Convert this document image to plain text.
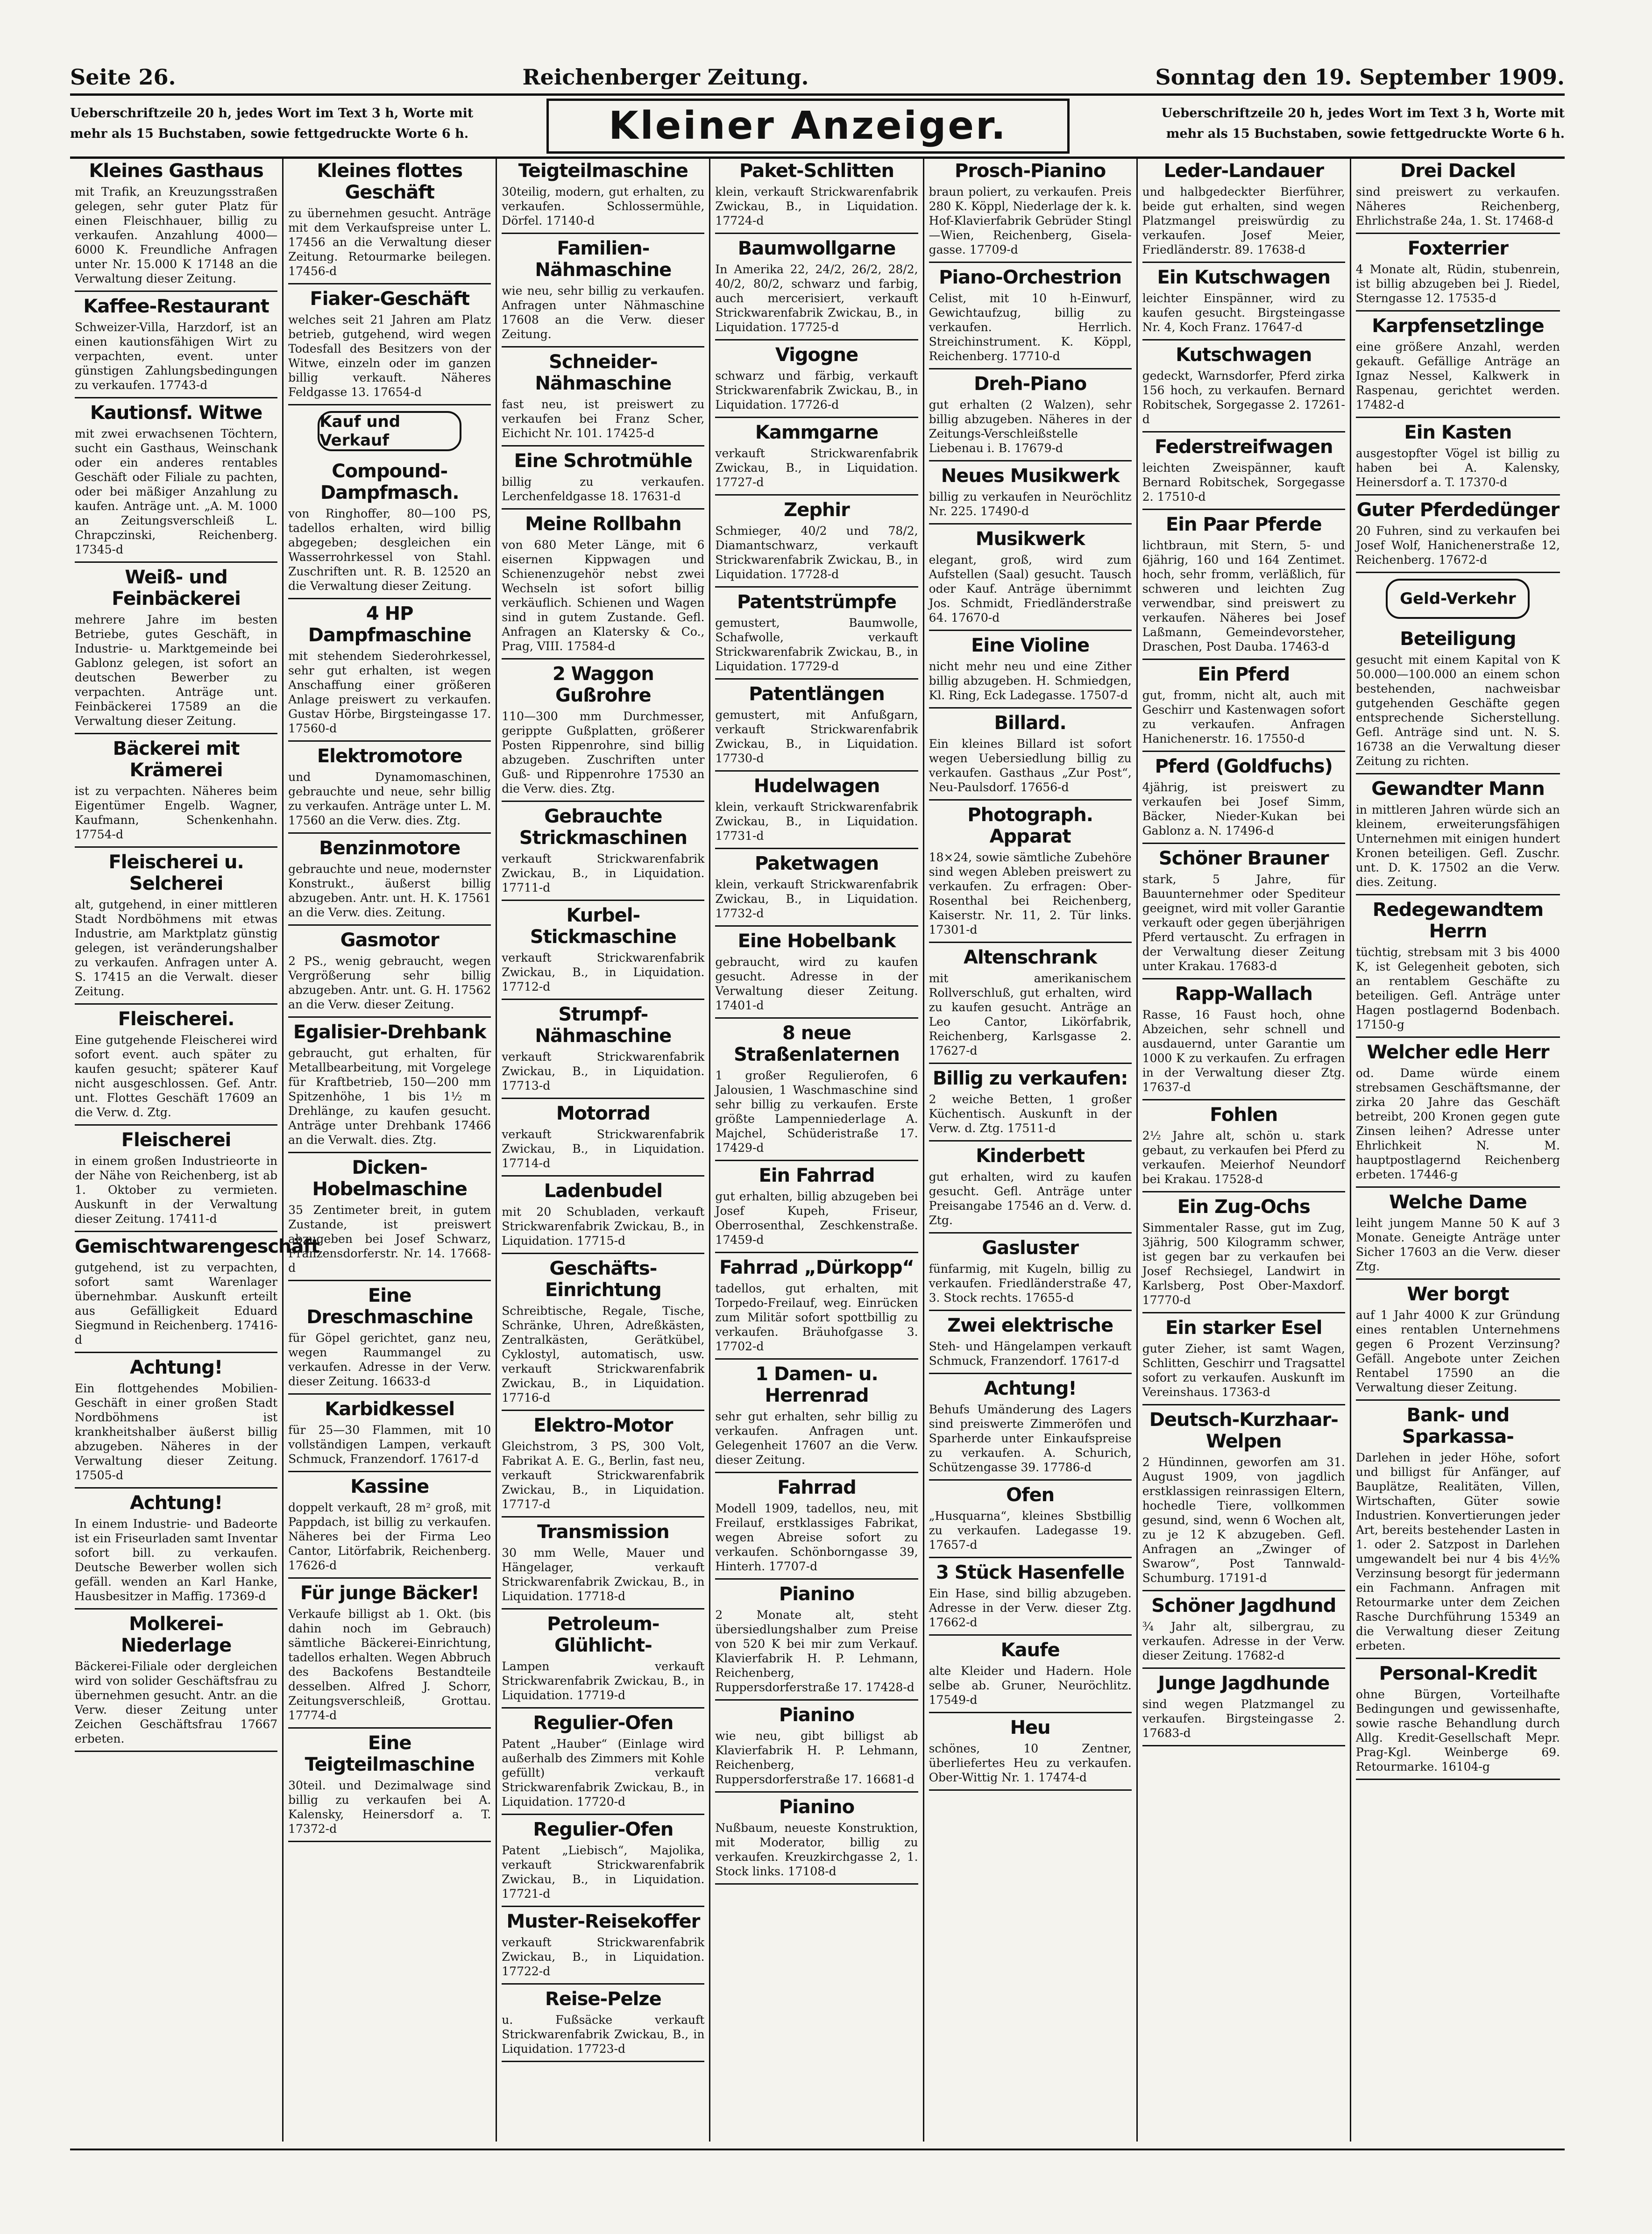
Seite 26.	Reichenberger Zeitung.	Sonntag den 19. September 1909.
Ueberschriftzeile 20 h, jedes Wort im Text 3 h, Worte mit mehr als 15 Buchstaben, sowie fettgedruckte Worte 6 h.	Kleiner Anzeiger.	Ueberschriftzeile 20 h, jedes Wort im Text 3 h, Worte mit mehr als 15 Buchstaben, sowie fettgedruckte Worte 6 h.
Kleines Gasthaus

mit Trafik, an Kreuzungsstraßen gelegen, sehr guter Platz für einen Fleischhauer, billig zu verkaufen. Anzahlung 4000—6000 K. Freundliche Anfragen unter Nr. 15.000 K 17148 an die Verwaltung dieser Zeitung.

Kaffee-Restaurant

Schweizer-Villa, Harzdorf, ist an einen kautionsfähigen Wirt zu verpachten, event. unter günstigen Zahlungsbedingungen zu verkaufen. 17743-d

Kautionsf. Witwe

mit zwei erwachsenen Töchtern, sucht ein Gasthaus, Weinschank oder ein anderes rentables Geschäft oder Filiale zu pachten, oder bei mäßiger Anzahlung zu kaufen. Anträge unt. „A. M. 1000 an Zeitungsverschleiß L. Chrapczinski, Reichenberg. 17345-d

Weiß- und Feinbäckerei

mehrere Jahre im besten Betriebe, gutes Geschäft, in Industrie- u. Marktgemeinde bei Gablonz gelegen, ist sofort an deutschen Bewerber zu verpachten. Anträge unt. Feinbäckerei 17589 an die Verwaltung dieser Zeitung.

Bäckerei mit Krämerei

ist zu verpachten. Näheres beim Eigentümer Engelb. Wagner, Kaufmann, Schenkenhahn. 17754-d

Fleischerei u. Selcherei

alt, gutgehend, in einer mittleren Stadt Nordböhmens mit etwas Industrie, am Marktplatz günstig gelegen, ist veränderungshalber zu verkaufen. Anfragen unter A. S. 17415 an die Verwalt. dieser Zeitung.

Fleischerei.

Eine gutgehende Fleischerei wird sofort event. auch später zu kaufen gesucht; späterer Kauf nicht ausgeschlossen. Gef. Antr. unt. Flottes Geschäft 17609 an die Verw. d. Ztg.

Fleischerei

in einem großen Industrieorte in der Nähe von Reichenberg, ist ab 1. Oktober zu vermieten. Auskunft in der Verwaltung dieser Zeitung. 17411-d

Gemischtwarengeschäft

gutgehend, ist zu verpachten, sofort samt Warenlager übernehmbar. Auskunft erteilt aus Gefälligkeit Eduard Siegmund in Reichenberg. 17416-d

Achtung!

Ein flottgehendes Mobilien-Geschäft in einer großen Stadt Nordböhmens ist krankheitshalber äußerst billig abzugeben. Näheres in der Verwaltung dieser Zeitung. 17505-d

Achtung!

In einem Industrie- und Badeorte ist ein Friseurladen samt Inventar sofort bill. zu verkaufen. Deutsche Bewerber wollen sich gefäll. wenden an Karl Hanke, Hausbesitzer in Maffig. 17369-d

Molkerei-Niederlage

Bäckerei-Filiale oder dergleichen wird von solider Geschäftsfrau zu übernehmen gesucht. Antr. an die Verw. dieser Zeitung unter Zeichen Geschäftsfrau 17667 erbeten.

Kleines flottes Geschäft

zu übernehmen gesucht. Anträge mit dem Verkaufspreise unter L. 17456 an die Verwaltung dieser Zeitung. Retourmarke beilegen. 17456-d

Fiaker-Geschäft

welches seit 21 Jahren am Platz betrieb, gutgehend, wird wegen Todesfall des Besitzers von der Witwe, einzeln oder im ganzen billig verkauft. Näheres Feldgasse 13. 17654-d

Kauf und Verkauf
Compound-Dampfmasch.

von Ringhoffer, 80—100 PS, tadellos erhalten, wird billig abgegeben; desgleichen ein Wasserrohrkessel von Stahl. Zuschriften unt. R. B. 12520 an die Verwaltung dieser Zeitung.

4 HP Dampfmaschine

mit stehendem Siederohrkessel, sehr gut erhalten, ist wegen Anschaffung einer größeren Anlage preiswert zu verkaufen. Gustav Hörbe, Birgsteingasse 17. 17560-d

Elektromotore

und Dynamomaschinen, gebrauchte und neue, sehr billig zu verkaufen. Anträge unter L. M. 17560 an die Verw. dies. Ztg.

Benzinmotore

gebrauchte und neue, modernster Konstrukt., äußerst billig abzugeben. Antr. unt. H. K. 17561 an die Verw. dies. Zeitung.

Gasmotor

2 PS., wenig gebraucht, wegen Vergrößerung sehr billig abzugeben. Antr. unt. G. H. 17562 an die Verw. dieser Zeitung.

Egalisier-Drehbank

gebraucht, gut erhalten, für Metallbearbeitung, mit Vorgelege für Kraftbetrieb, 150—200 mm Spitzenhöhe, 1 bis 1½ m Drehlänge, zu kaufen gesucht. Anträge unter Drehbank 17466 an die Verwalt. dies. Ztg.

Dicken-Hobelmaschine

35 Zentimeter breit, in gutem Zustande, ist preiswert abzugeben bei Josef Schwarz, Franzensdorferstr. Nr. 14. 17668-d

Eine Dreschmaschine

für Göpel gerichtet, ganz neu, wegen Raummangel zu verkaufen. Adresse in der Verw. dieser Zeitung. 16633-d

Karbidkessel

für 25—30 Flammen, mit 10 vollständigen Lampen, verkauft Schmuck, Franzendorf. 17617-d

Kassine

doppelt verkauft, 28 m² groß, mit Pappdach, ist billig zu verkaufen. Näheres bei der Firma Leo Cantor, Litörfabrik, Reichenberg. 17626-d

Für junge Bäcker!

Verkaufe billigst ab 1. Okt. (bis dahin noch im Gebrauch) sämtliche Bäckerei-Einrichtung, tadellos erhalten. Wegen Abbruch des Backofens Bestandteile desselben. Alfred J. Schorr, Zeitungsverschleiß, Grottau. 17774-d

Eine Teigteilmaschine

30teil. und Dezimalwage sind billig zu verkaufen bei A. Kalensky, Heinersdorf a. T. 17372-d

Teigteilmaschine

30teilig, modern, gut erhalten, zu verkaufen. Schlossermühle, Dörfel. 17140-d

Familien-Nähmaschine

wie neu, sehr billig zu verkaufen. Anfragen unter Nähmaschine 17608 an die Verw. dieser Zeitung.

Schneider-Nähmaschine

fast neu, ist preiswert zu verkaufen bei Franz Scher, Eichicht Nr. 101. 17425-d

Eine Schrotmühle

billig zu verkaufen. Lerchenfeldgasse 18. 17631-d

Meine Rollbahn

von 680 Meter Länge, mit 6 eisernen Kippwagen und Schienenzugehör nebst zwei Wechseln ist sofort billig verkäuflich. Schienen und Wagen sind in gutem Zustande. Gefl. Anfragen an Klatersky & Co., Prag, VIII. 17584-d

2 Waggon Gußrohre

110—300 mm Durchmesser, gerippte Gußplatten, größerer Posten Rippenrohre, sind billig abzugeben. Zuschriften unter Guß- und Rippenrohre 17530 an die Verw. dies. Ztg.

Gebrauchte Strickmaschinen

verkauft Strickwarenfabrik Zwickau, B., in Liquidation. 17711-d

Kurbel-Stickmaschine

verkauft Strickwarenfabrik Zwickau, B., in Liquidation. 17712-d

Strumpf-Nähmaschine

verkauft Strickwarenfabrik Zwickau, B., in Liquidation. 17713-d

Motorrad

verkauft Strickwarenfabrik Zwickau, B., in Liquidation. 17714-d

Ladenbudel

mit 20 Schubladen, verkauft Strickwarenfabrik Zwickau, B., in Liquidation. 17715-d

Geschäfts-Einrichtung

Schreibtische, Regale, Tische, Schränke, Uhren, Adreßkästen, Zentralkästen, Gerätkübel, Cyklostyl, automatisch, usw. verkauft Strickwarenfabrik Zwickau, B., in Liquidation. 17716-d

Elektro-Motor

Gleichstrom, 3 PS, 300 Volt, Fabrikat A. E. G., Berlin, fast neu, verkauft Strickwarenfabrik Zwickau, B., in Liquidation. 17717-d

Transmission

30 mm Welle, Mauer und Hängelager, verkauft Strickwarenfabrik Zwickau, B., in Liquidation. 17718-d

Petroleum-Glühlicht-

Lampen verkauft Strickwarenfabrik Zwickau, B., in Liquidation. 17719-d

Regulier-Ofen

Patent „Hauber“ (Einlage wird außerhalb des Zimmers mit Kohle gefüllt) verkauft Strickwarenfabrik Zwickau, B., in Liquidation. 17720-d

Regulier-Ofen

Patent „Liebisch“, Majolika, verkauft Strickwarenfabrik Zwickau, B., in Liquidation. 17721-d

Muster-Reisekoffer

verkauft Strickwarenfabrik Zwickau, B., in Liquidation. 17722-d

Reise-Pelze

u. Fußsäcke verkauft Strickwarenfabrik Zwickau, B., in Liquidation. 17723-d

Paket-Schlitten

klein, verkauft Strickwarenfabrik Zwickau, B., in Liquidation. 17724-d

Baumwollgarne

In Amerika 22, 24/2, 26/2, 28/2, 40/2, 80/2, schwarz und farbig, auch mercerisiert, verkauft Strickwarenfabrik Zwickau, B., in Liquidation. 17725-d

Vigogne

schwarz und färbig, verkauft Strickwarenfabrik Zwickau, B., in Liquidation. 17726-d

Kammgarne

verkauft Strickwarenfabrik Zwickau, B., in Liquidation. 17727-d

Zephir

Schmieger, 40/2 und 78/2, Diamantschwarz, verkauft Strickwarenfabrik Zwickau, B., in Liquidation. 17728-d

Patentstrümpfe

gemustert, Baumwolle, Schafwolle, verkauft Strickwarenfabrik Zwickau, B., in Liquidation. 17729-d

Patentlängen

gemustert, mit Anfußgarn, verkauft Strickwarenfabrik Zwickau, B., in Liquidation. 17730-d

Hudelwagen

klein, verkauft Strickwarenfabrik Zwickau, B., in Liquidation. 17731-d

Paketwagen

klein, verkauft Strickwarenfabrik Zwickau, B., in Liquidation. 17732-d

Eine Hobelbank

gebraucht, wird zu kaufen gesucht. Adresse in der Verwaltung dieser Zeitung. 17401-d

8 neue Straßenlaternen

1 großer Regulierofen, 6 Jalousien, 1 Waschmaschine sind sehr billig zu verkaufen. Erste größte Lampenniederlage A. Majchel, Schüderistraße 17. 17429-d

Ein Fahrrad

gut erhalten, billig abzugeben bei Josef Kupeh, Friseur, Oberrosenthal, Zeschkenstraße. 17459-d

Fahrrad „Dürkopp“

tadellos, gut erhalten, mit Torpedo-Freilauf, weg. Einrücken zum Militär sofort spottbillig zu verkaufen. Bräuhofgasse 3. 17702-d

1 Damen- u. Herrenrad

sehr gut erhalten, sehr billig zu verkaufen. Anfragen unt. Gelegenheit 17607 an die Verw. dieser Zeitung.

Fahrrad

Modell 1909, tadellos, neu, mit Freilauf, erstklassiges Fabrikat, wegen Abreise sofort zu verkaufen. Schönborngasse 39, Hinterh. 17707-d

Pianino

2 Monate alt, steht übersiedlungshalber zum Preise von 520 K bei mir zum Verkauf. Klavierfabrik H. P. Lehmann, Reichenberg, Ruppersdorferstraße 17. 17428-d

Pianino

wie neu, gibt billigst ab Klavierfabrik H. P. Lehmann, Reichenberg, Ruppersdorferstraße 17. 16681-d

Pianino

Nußbaum, neueste Konstruktion, mit Moderator, billig zu verkaufen. Kreuzkirchgasse 2, 1. Stock links. 17108-d

Prosch-Pianino

braun poliert, zu verkaufen. Preis 280 K. Köppl, Niederlage der k. k. Hof-Klavierfabrik Gebrüder Stingl—Wien, Reichenberg, Gisela-gasse. 17709-d

Piano-Orchestrion

Celist, mit 10 h-Einwurf, Gewichtaufzug, billig zu verkaufen. Herrlich. Streichinstrument. K. Köppl, Reichenberg. 17710-d

Dreh-Piano

gut erhalten (2 Walzen), sehr billig abzugeben. Näheres in der Zeitungs-Verschleißstelle Liebenau i. B. 17679-d

Neues Musikwerk

billig zu verkaufen in Neuröchlitz Nr. 225. 17490-d

Musikwerk

elegant, groß, wird zum Aufstellen (Saal) gesucht. Tausch oder Kauf. Anträge übernimmt Jos. Schmidt, Friedländerstraße 64. 17670-d

Eine Violine

nicht mehr neu und eine Zither billig abzugeben. H. Schmiedgen, Kl. Ring, Eck Ladegasse. 17507-d

Billard.

Ein kleines Billard ist sofort wegen Uebersiedlung billig zu verkaufen. Gasthaus „Zur Post“, Neu-Paulsdorf. 17656-d

Photograph. Apparat

18×24, sowie sämtliche Zubehöre sind wegen Ableben preiswert zu verkaufen. Zu erfragen: Ober-Rosenthal bei Reichenberg, Kaiserstr. Nr. 11, 2. Tür links. 17301-d

Altenschrank

mit amerikanischem Rollverschluß, gut erhalten, wird zu kaufen gesucht. Anträge an Leo Cantor, Likörfabrik, Reichenberg, Karlsgasse 2. 17627-d

Billig zu verkaufen:

2 weiche Betten, 1 großer Küchentisch. Auskunft in der Verw. d. Ztg. 17511-d

Kinderbett

gut erhalten, wird zu kaufen gesucht. Gefl. Anträge unter Preisangabe 17546 an d. Verw. d. Ztg.

Gasluster

fünfarmig, mit Kugeln, billig zu verkaufen. Friedländerstraße 47, 3. Stock rechts. 17655-d

Zwei elektrische

Steh- und Hängelampen verkauft Schmuck, Franzendorf. 17617-d

Achtung!

Behufs Umänderung des Lagers sind preiswerte Zimmeröfen und Sparherde unter Einkaufspreise zu verkaufen. A. Schurich, Schützengasse 39. 17786-d

Ofen

„Husquarna“, kleines Sbstbillig zu verkaufen. Ladegasse 19. 17657-d

3 Stück Hasenfelle

Ein Hase, sind billig abzugeben. Adresse in der Verw. dieser Ztg. 17662-d

Kaufe

alte Kleider und Hadern. Hole selbe ab. Gruner, Neuröchlitz. 17549-d

Heu

schönes, 10 Zentner, überliefertes Heu zu verkaufen. Ober-Wittig Nr. 1. 17474-d

Leder-Landauer

und halbgedeckter Bierführer, beide gut erhalten, sind wegen Platzmangel preiswürdig zu verkaufen. Josef Meier, Friedländerstr. 89. 17638-d

Ein Kutschwagen

leichter Einspänner, wird zu kaufen gesucht. Birgsteingasse Nr. 4, Koch Franz. 17647-d

Kutschwagen

gedeckt, Warnsdorfer, Pferd zirka 156 hoch, zu verkaufen. Bernard Robitschek, Sorgegasse 2. 17261-d

Federstreifwagen

leichten Zweispänner, kauft Bernard Robitschek, Sorgegasse 2. 17510-d

Ein Paar Pferde

lichtbraun, mit Stern, 5- und 6jährig, 160 und 164 Zentimet. hoch, sehr fromm, verläßlich, für schweren und leichten Zug verwendbar, sind preiswert zu verkaufen. Näheres bei Josef Laßmann, Gemeindevorsteher, Draschen, Post Dauba. 17463-d

Ein Pferd

gut, fromm, nicht alt, auch mit Geschirr und Kastenwagen sofort zu verkaufen. Anfragen Hanichenerstr. 16. 17550-d

Pferd (Goldfuchs)

4jährig, ist preiswert zu verkaufen bei Josef Simm, Bäcker, Nieder-Kukan bei Gablonz a. N. 17496-d

Schöner Brauner

stark, 5 Jahre, für Bauunternehmer oder Spediteur geeignet, wird mit voller Garantie verkauft oder gegen überjährigen Pferd vertauscht. Zu erfragen in der Verwaltung dieser Zeitung unter Krakau. 17683-d

Rapp-Wallach

Rasse, 16 Faust hoch, ohne Abzeichen, sehr schnell und ausdauernd, unter Garantie um 1000 K zu verkaufen. Zu erfragen in der Verwaltung dieser Ztg. 17637-d

Fohlen

2½ Jahre alt, schön u. stark gebaut, zu verkaufen bei Pferd zu verkaufen. Meierhof Neundorf bei Krakau. 17528-d

Ein Zug-Ochs

Simmentaler Rasse, gut im Zug, 3jährig, 500 Kilogramm schwer, ist gegen bar zu verkaufen bei Josef Rechsiegel, Landwirt in Karlsberg, Post Ober-Maxdorf. 17770-d

Ein starker Esel

guter Zieher, ist samt Wagen, Schlitten, Geschirr und Tragsattel sofort zu verkaufen. Auskunft im Vereinshaus. 17363-d

Deutsch-Kurzhaar-Welpen

2 Hündinnen, geworfen am 31. August 1909, von jagdlich erstklassigen reinrassigen Eltern, hochedle Tiere, vollkommen gesund, sind, wenn 6 Wochen alt, zu je 12 K abzugeben. Gefl. Anfragen an „Zwinger of Swarow“, Post Tannwald-Schumburg. 17191-d

Schöner Jagdhund

¾ Jahr alt, silbergrau, zu verkaufen. Adresse in der Verw. dieser Zeitung. 17682-d

Junge Jagdhunde

sind wegen Platzmangel zu verkaufen. Birgsteingasse 2. 17683-d

Drei Dackel

sind preiswert zu verkaufen. Näheres Reichenberg, Ehrlichstraße 24a, 1. St. 17468-d

Foxterrier

4 Monate alt, Rüdin, stubenrein, ist billig abzugeben bei J. Riedel, Sterngasse 12. 17535-d

Karpfensetzlinge

eine größere Anzahl, werden gekauft. Gefällige Anträge an Ignaz Nessel, Kalkwerk in Raspenau, gerichtet werden. 17482-d

Ein Kasten

ausgestopfter Vögel ist billig zu haben bei A. Kalensky, Heinersdorf a. T. 17370-d

Guter Pferdedünger

20 Fuhren, sind zu verkaufen bei Josef Wolf, Hanichenerstraße 12, Reichenberg. 17672-d

Geld-Verkehr
Beteiligung

gesucht mit einem Kapital von K 50.000—100.000 an einem schon bestehenden, nachweisbar gutgehenden Geschäfte gegen entsprechende Sicherstellung. Gefl. Anträge sind unt. N. S. 16738 an die Verwaltung dieser Zeitung zu richten.

Gewandter Mann

in mittleren Jahren würde sich an kleinem, erweiterungsfähigen Unternehmen mit einigen hundert Kronen beteiligen. Gefl. Zuschr. unt. D. K. 17502 an die Verw. dies. Zeitung.

Redegewandtem Herrn

tüchtig, strebsam mit 3 bis 4000 K, ist Gelegenheit geboten, sich an rentablem Geschäfte zu beteiligen. Gefl. Anträge unter Hagen postlagernd Bodenbach. 17150-g

Welcher edle Herr

od. Dame würde einem strebsamen Geschäftsmanne, der zirka 20 Jahre das Geschäft betreibt, 200 Kronen gegen gute Zinsen leihen? Adresse unter Ehrlichkeit N. M. hauptpostlagernd Reichenberg erbeten. 17446-g

Welche Dame

leiht jungem Manne 50 K auf 3 Monate. Geneigte Anträge unter Sicher 17603 an die Verw. dieser Ztg.

Wer borgt

auf 1 Jahr 4000 K zur Gründung eines rentablen Unternehmens gegen 6 Prozent Verzinsung? Gefäll. Angebote unter Zeichen Rentabel 17590 an die Verwaltung dieser Zeitung.

Bank- und Sparkassa-

Darlehen in jeder Höhe, sofort und billigst für Anfänger, auf Bauplätze, Realitäten, Villen, Wirtschaften, Güter sowie Industrien. Konvertierungen jeder Art, bereits bestehender Lasten in 1. oder 2. Satzpost in Darlehen umgewandelt bei nur 4 bis 4½% Verzinsung besorgt für jedermann ein Fachmann. Anfragen mit Retourmarke unter dem Zeichen Rasche Durchführung 15349 an die Verwaltung dieser Zeitung erbeten.

Personal-Kredit

ohne Bürgen, Vorteilhafte Bedingungen und gewissenhafte, sowie rasche Behandlung durch Allg. Kredit-Gesellschaft Mepr. Prag-Kgl. Weinberge 69. Retourmarke. 16104-g
